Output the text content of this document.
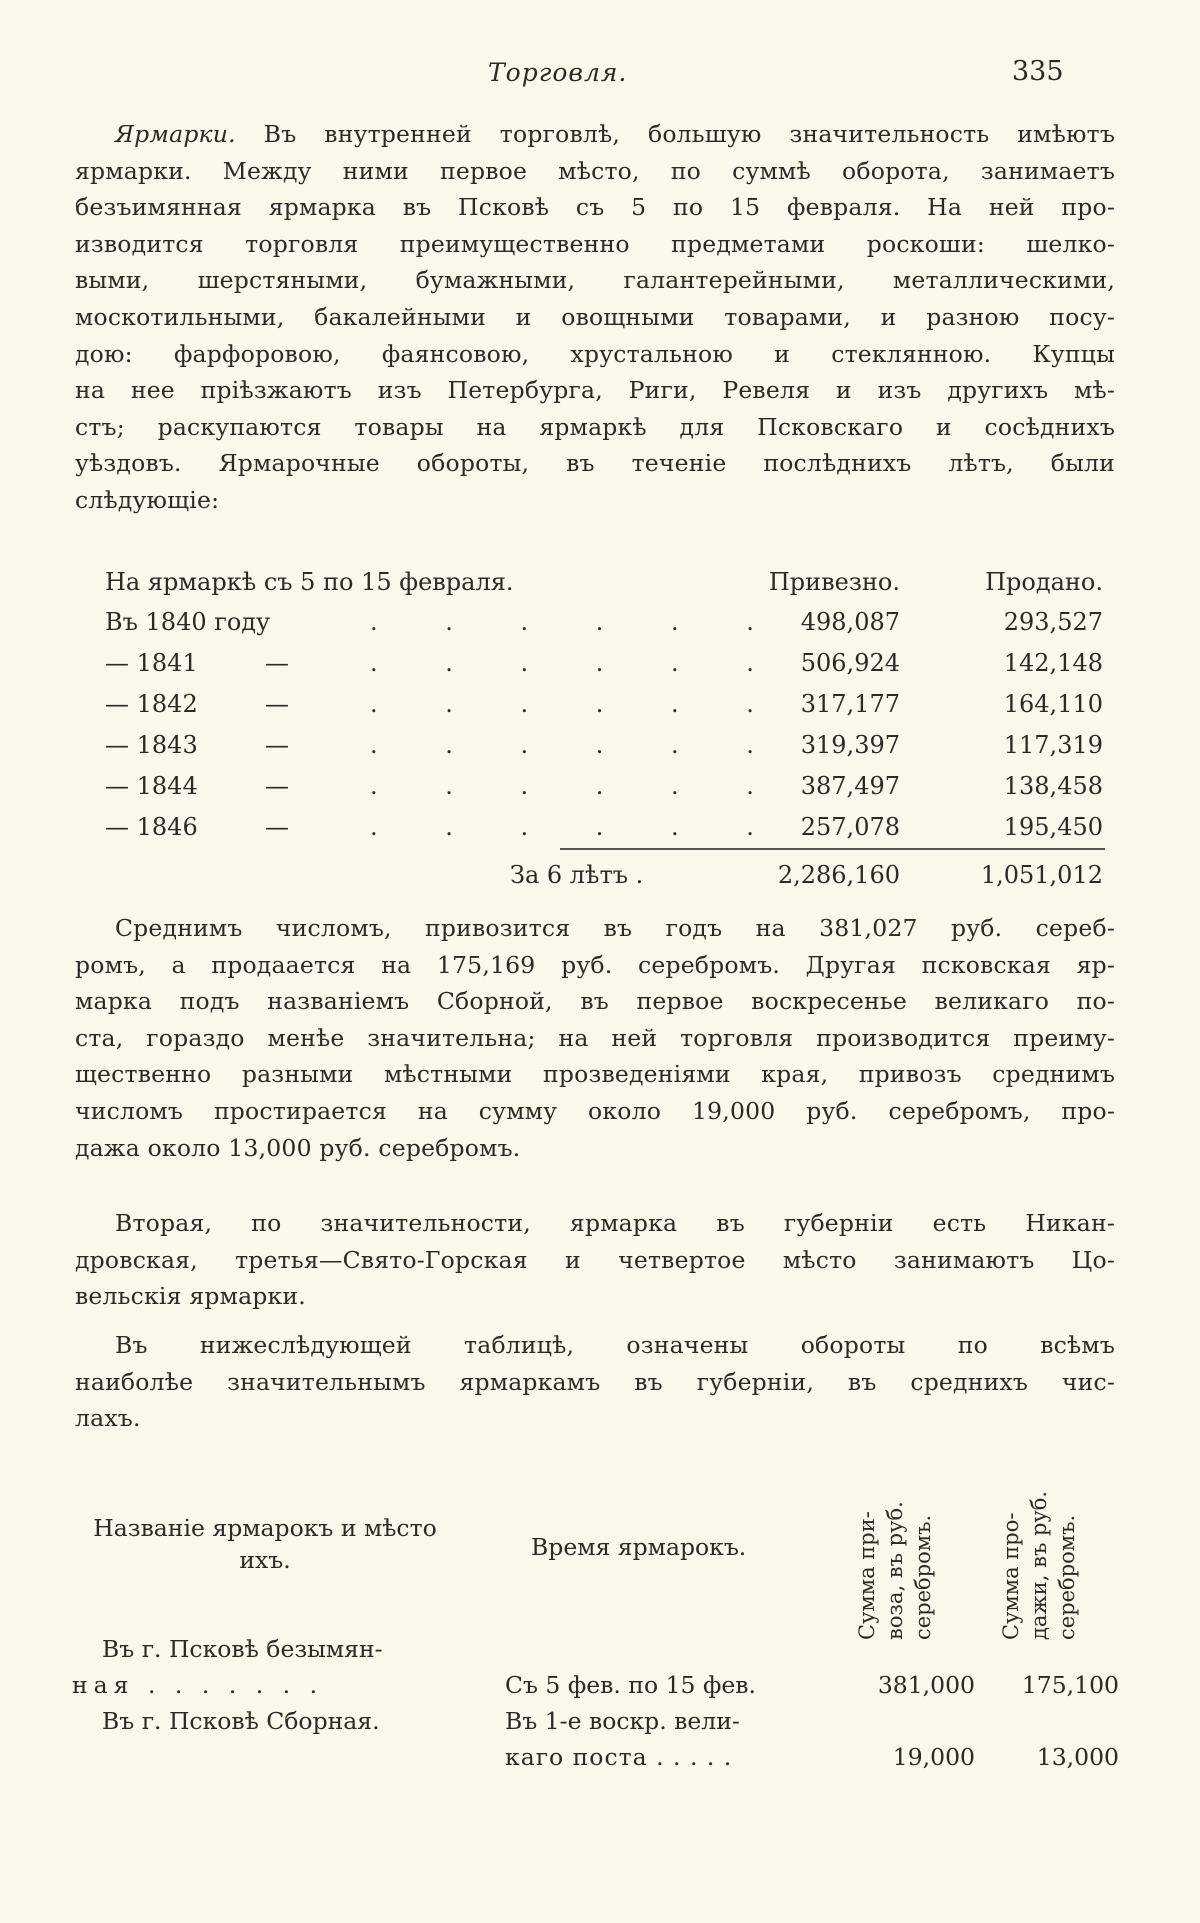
Торговля.	335
Ярмарки. Въ внутренней торговлѣ, большую значительность имѣютъ
ярмарки. Между ними первое мѣсто, по суммѣ оборота, занимаетъ
безъимянная ярмарка въ Псковѣ съ 5 по 15 февраля. На ней про-
изводится торговля преимущественно предметами роскоши: шелко-
выми, шерстяными, бумажными, галантерейными, металлическими,
москотильными, бакалейными и овощными товарами, и разною посу-
дою: фарфоровою, фаянсовою, хрустальною и стеклянною. Купцы
на нее прiѣзжаютъ изъ Петербурга, Риги, Ревеля и изъ другихъ мѣ-
стъ; раскупаются товары на ярмаркѣ для Псковскаго и сосѣднихъ
уѣздовъ. Ярмарочные обороты, въ теченiе послѣднихъ лѣтъ, были
слѣдующiе:
На ярмаркѣ съ 5 по 15 февраля.	Привезно.	Продано.
Въ 1840 году	. . . . . . 498,087	293,527
— 1841	—	. . . . . . 506,924	142,148
— 1842	—	. . . . . . 317,177	164,110
— 1843	—	. . . . . . 319,397	117,319
— 1844	—	. . . . . . 387,497	138,458
— 1846	—	. . . . . . 257,078	195,450
За 6 лѣтъ .	2,286,160	1,051,012
Среднимъ числомъ, привозится въ годъ на 381,027 руб. сереб-
ромъ, а продаается на 175,169 руб. серебромъ. Другая псковская яр-
марка подъ названiемъ Сборной, въ первое воскресенье великаго по-
ста, гораздо менѣе значительна; на ней торговля производится преиму-
щественно разными мѣстными прозведенiями края, привозъ среднимъ
числомъ простирается на сумму около 19,000 руб. серебромъ, про-
дажа около 13,000 руб. серебромъ.
Вторая, по значительности, ярмарка въ губернiи есть Никан-
дровская, третья—Свято-Горская и четвертое мѣсто занимаютъ Цо-
вельскiя ярмарки.
Въ нижеслѣдующей таблицѣ, означены обороты по всѣмъ
наиболѣе значительнымъ ярмаркамъ въ губернiи, въ среднихъ чис-
лахъ.
Названiе ярмарокъ и мѣсто
ихъ.	Время ярмарокъ.	Сумма при- воза, въ руб. серебромъ.	Сумма про- дажи, въ руб. серебромъ.
Въ г. Псковѣ безымян-
ная . . . . . . .	Съ 5 фев. по 15 фев.	381,000 175,100
Въ г. Псковѣ Сборная.	Въ 1-е воскр. вели-
каго поста . . . . .	19,000	13,000
